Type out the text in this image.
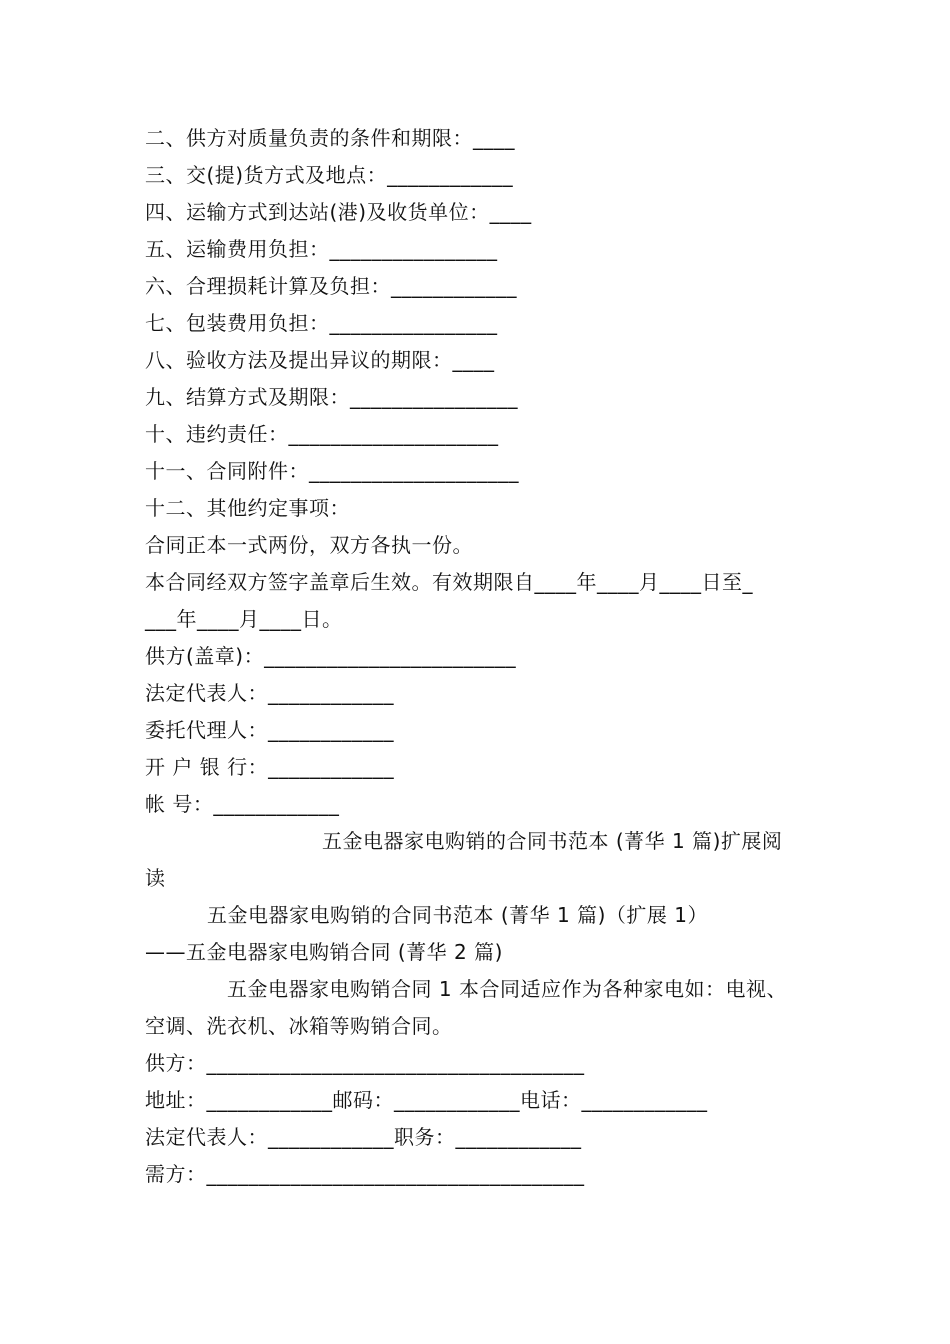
二、供方对质量负责的条件和期限：____
三、交(提)货方式及地点：____________
四、运输方式到达站(港)及收货单位：____
五、运输费用负担：________________
六、合理损耗计算及负担：____________
七、包装费用负担：________________
八、验收方法及提出异议的期限：____
九、结算方式及期限：________________
十、违约责任：____________________
十一、合同附件：____________________
十二、其他约定事项：
合同正本一式两份，双方各执一份。
本合同经双方签字盖章后生效。有效期限自____年____月____日至_
___年____月____日。
供方(盖章)：________________________
法定代表人：____________
委托代理人：____________
开 户 银 行：____________
帐 号：____________
五金电器家电购销的合同书范本 (菁华 1 篇)扩展阅
读
五金电器家电购销的合同书范本 (菁华 1 篇)（扩展 1）
——五金电器家电购销合同 (菁华 2 篇)
五金电器家电购销合同 1 本合同适应作为各种家电如：电视、
空调、洗衣机、冰箱等购销合同。
供方：____________________________________
地址：____________邮码：____________电话：____________
法定代表人：____________职务：____________
需方：____________________________________
